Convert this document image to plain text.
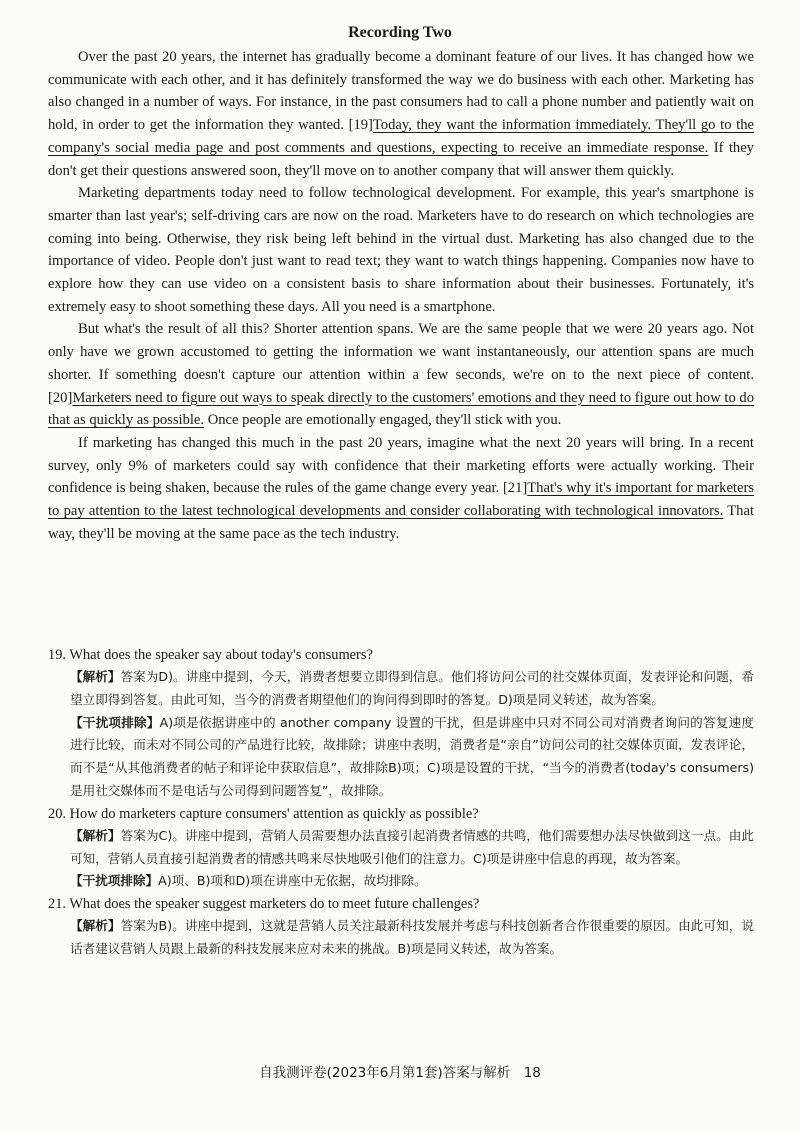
Recording Two

Over the past 20 years, the internet has gradually become a dominant feature of our lives. It has changed how we communicate with each other, and it has definitely transformed the way we do business with each other. Marketing has also changed in a number of ways. For instance, in the past consumers had to call a phone number and patiently wait on hold, in order to get the information they wanted. [19]Today, they want the information immediately. They'll go to the company's social media page and post comments and questions, expecting to receive an immediate response. If they don't get their questions answered soon, they'll move on to another company that will answer them quickly.

Marketing departments today need to follow technological development. For example, this year's smartphone is smarter than last year's; self-driving cars are now on the road. Marketers have to do research on which technologies are coming into being. Otherwise, they risk being left behind in the virtual dust. Marketing has also changed due to the importance of video. People don't just want to read text; they want to watch things happening. Companies now have to explore how they can use video on a consistent basis to share information about their businesses. Fortunately, it's extremely easy to shoot something these days. All you need is a smartphone.

But what's the result of all this? Shorter attention spans. We are the same people that we were 20 years ago. Not only have we grown accustomed to getting the information we want instantaneously, our attention spans are much shorter. If something doesn't capture our attention within a few seconds, we're on to the next piece of content. [20]Marketers need to figure out ways to speak directly to the customers' emotions and they need to figure out how to do that as quickly as possible. Once people are emotionally engaged, they'll stick with you.

If marketing has changed this much in the past 20 years, imagine what the next 20 years will bring. In a recent survey, only 9% of marketers could say with confidence that their marketing efforts were actually working. Their confidence is being shaken, because the rules of the game change every year. [21]That's why it's important for marketers to pay attention to the latest technological developments and consider collaborating with technological innovators. That way, they'll be moving at the same pace as the tech industry.

19. What does the speaker say about today's consumers?

【解析】答案为D)。讲座中提到，今天，消费者想要立即得到信息。他们将访问公司的社交媒体页面，发表评论和问题，希望立即得到答复。由此可知，当今的消费者期望他们的询问得到即时的答复。D)项是同义转述，故为答案。

【干扰项排除】A)项是依据讲座中的 another company 设置的干扰，但是讲座中只对不同公司对消费者询问的答复速度进行比较，而未对不同公司的产品进行比较，故排除；讲座中表明，消费者是“亲自”访问公司的社交媒体页面，发表评论，而不是“从其他消费者的帖子和评论中获取信息”，故排除B)项；C)项是设置的干扰，“当今的消费者(today's consumers)是用社交媒体而不是电话与公司得到问题答复”，故排除。

20. How do marketers capture consumers' attention as quickly as possible?

【解析】答案为C)。讲座中提到，营销人员需要想办法直接引起消费者情感的共鸣，他们需要想办法尽快做到这一点。由此可知，营销人员直接引起消费者的情感共鸣来尽快地吸引他们的注意力。C)项是讲座中信息的再现，故为答案。

【干扰项排除】A)项、B)项和D)项在讲座中无依据，故均排除。

21. What does the speaker suggest marketers do to meet future challenges?

【解析】答案为B)。讲座中提到，这就是营销人员关注最新科技发展并考虑与科技创新者合作很重要的原因。由此可知，说话者建议营销人员跟上最新的科技发展来应对未来的挑战。B)项是同义转述，故为答案。

自我测评卷(2023年6月第1套)答案与解析　18
